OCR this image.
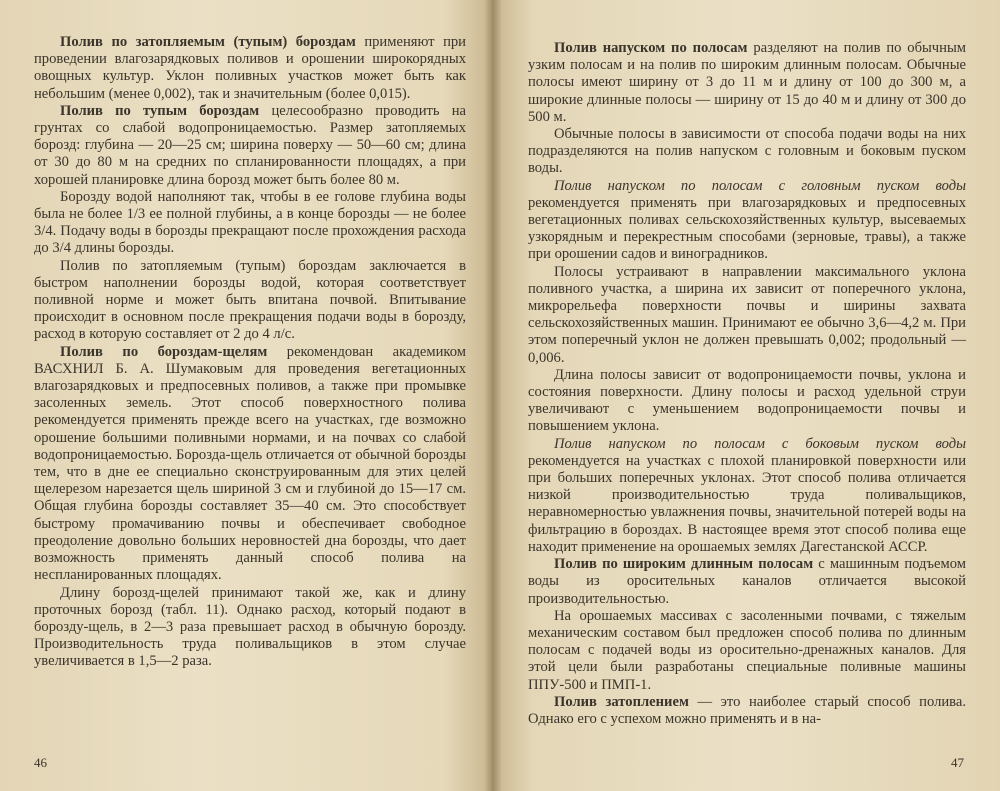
Полив по затопляемым (тупым) бороздам применяют при проведении влагозарядковых поливов и орошении широкорядных овощных культур. Уклон поливных участков может быть как небольшим (менее 0,002), так и значительным (более 0,015).

Полив по тупым бороздам целесообразно проводить на грунтах со слабой водопроницаемостью. Размер затопляемых борозд: глубина — 20—25 см; ширина поверху — 50—60 см; длина от 30 до 80 м на средних по спланированности площадях, а при хорошей планировке длина борозд может быть более 80 м.

Борозду водой наполняют так, чтобы в ее голове глубина воды была не более 1/3 ее полной глубины, а в конце борозды — не более 3/4. Подачу воды в борозды прекращают после прохождения расхода до 3/4 длины борозды.

Полив по затопляемым (тупым) бороздам заключается в быстром наполнении борозды водой, которая соответствует поливной норме и может быть впитана почвой. Впитывание происходит в основном после прекращения подачи воды в борозду, расход в которую составляет от 2 до 4 л/с.

Полив по бороздам-щелям рекомендован академиком ВАСХНИЛ Б. А. Шумаковым для проведения вегетационных влагозарядковых и предпосевных поливов, а также при промывке засоленных земель. Этот способ поверхностного полива рекомендуется применять прежде всего на участках, где возможно орошение большими поливными нормами, и на почвах со слабой водопроницаемостью. Борозда-щель отличается от обычной борозды тем, что в дне ее специально сконструированным для этих целей щелерезом нарезается щель шириной 3 см и глубиной до 15—17 см. Общая глубина борозды составляет 35—40 см. Это способствует быстрому промачиванию почвы и обеспечивает свободное преодоление довольно больших неровностей дна борозды, что дает возможность применять данный способ полива на неспланированных площадях.

Длину борозд-щелей принимают такой же, как и длину проточных борозд (табл. 11). Однако расход, который подают в борозду-щель, в 2—3 раза превышает расход в обычную борозду. Производительность труда поливальщиков в этом случае увеличивается в 1,5—2 раза.

46

Полив напуском по полосам разделяют на полив по обычным узким полосам и на полив по широким длинным полосам. Обычные полосы имеют ширину от 3 до 11 м и длину от 100 до 300 м, а широкие длинные полосы — ширину от 15 до 40 м и длину от 300 до 500 м.

Обычные полосы в зависимости от способа подачи воды на них подразделяются на полив напуском с головным и боковым пуском воды.

Полив напуском по полосам с головным пуском воды рекомендуется применять при влагозарядковых и предпосевных вегетационных поливах сельскохозяйственных культур, высеваемых узкорядным и перекрестным способами (зерновые, травы), а также при орошении садов и виноградников.

Полосы устраивают в направлении максимального уклона поливного участка, а ширина их зависит от поперечного уклона, микрорельефа поверхности почвы и ширины захвата сельскохозяйственных машин. Принимают ее обычно 3,6—4,2 м. При этом поперечный уклон не должен превышать 0,002; продольный — 0,006.

Длина полосы зависит от водопроницаемости почвы, уклона и состояния поверхности. Длину полосы и расход удельной струи увеличивают с уменьшением водопроницаемости почвы и повышением уклона.

Полив напуском по полосам с боковым пуском воды рекомендуется на участках с плохой планировкой поверхности или при больших поперечных уклонах. Этот способ полива отличается низкой производительностью труда поливальщиков, неравномерностью увлажнения почвы, значительной потерей воды на фильтрацию в бороздах. В настоящее время этот способ полива еще находит применение на орошаемых землях Дагестанской АССР.

Полив по широким длинным полосам с машинным подъемом воды из оросительных каналов отличается высокой производительностью.

На орошаемых массивах с засоленными почвами, с тяжелым механическим составом был предложен способ полива по длинным полосам с подачей воды из оросительно-дренажных каналов. Для этой цели были разработаны специальные поливные машины ППУ-500 и ПМП-1.

Полив затоплением — это наиболее старый способ полива. Однако его с успехом можно применять и в на-

47
